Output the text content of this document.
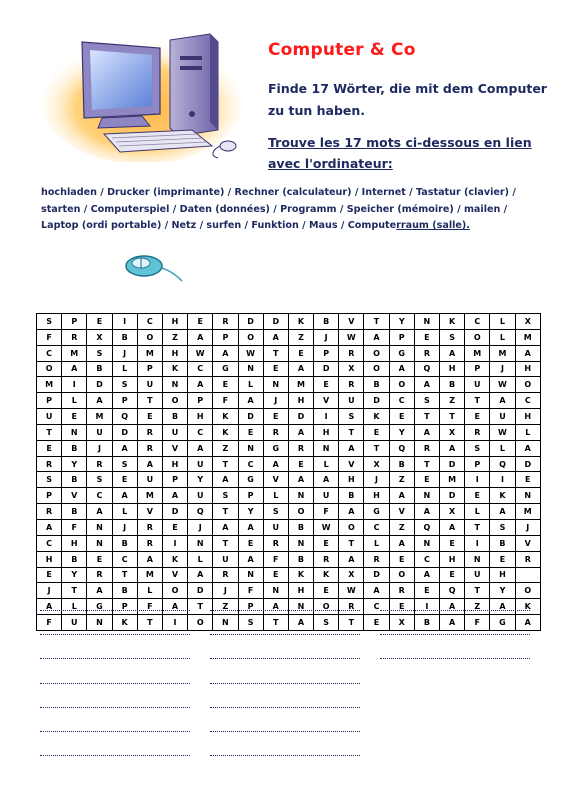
Computer & Co
Finde 17 Wörter, die mit dem Computer zu tun haben.
Trouve les 17 mots ci-dessous en lien avec l'ordinateur:
hochladen / Drucker (imprimante) / Rechner (calculateur) / Internet / Tastatur (clavier) / starten / Computerspiel / Daten (données) / Programm / Speicher (mémoire) / mailen / Laptop (ordi portable) / Netz / surfen / Funktion / Maus / Computerraum (salle).
S	P	E	I	C	H	E	R	D	D	K	B	V	T	Y	N	K	C	L	X
F	R	X	B	O	Z	A	P	O	A	Z	J	W	A	P	E	S	O	L	M
C	M	S	J	M	H	W	A	W	T	E	P	R	O	G	R	A	M	M	A
O	A	B	L	P	K	C	G	N	E	A	D	X	O	A	Q	H	P	J	H
M	I	D	S	U	N	A	E	L	N	M	E	R	B	O	A	B	U	W	O
P	L	A	P	T	O	P	F	A	J	H	V	U	D	C	S	Z	T	A	C
U	E	M	Q	E	B	H	K	D	E	D	I	S	K	E	T	T	E	U	H
T	N	U	D	R	U	C	K	E	R	A	H	T	E	Y	A	X	R	W	L
E	B	J	A	R	V	A	Z	N	G	R	N	A	T	Q	R	A	S	L	A
R	Y	R	S	A	H	U	T	C	A	E	L	V	X	B	T	D	P	Q	D
S	B	S	E	U	P	Y	A	G	V	A	A	H	J	Z	E	M	I	I	E
P	V	C	A	M	A	U	S	P	L	N	U	B	H	A	N	D	E	K	N
R	B	A	L	V	D	Q	T	Y	S	O	F	A	G	V	A	X	L	A	M
A	F	N	J	R	E	J	A	A	U	B	W	O	C	Z	Q	A	T	S	J
C	H	N	B	R	I	N	T	E	R	N	E	T	L	A	N	E	I	B	V
H	B	E	C	A	K	L	U	A	F	B	R	A	R	E	C	H	N	E	R
E	Y	R	T	M	V	A	R	N	E	K	K	X	D	O	A	E	U	H	
J	T	A	B	L	O	D	J	F	N	H	E	W	A	R	E	Q	T	Y	O
A	L	G	P	F	A	T	Z	P	A	N	O	R	C	E	I	A	Z	A	K
F	U	N	K	T	I	O	N	S	T	A	S	T	E	X	B	A	F	G	A
